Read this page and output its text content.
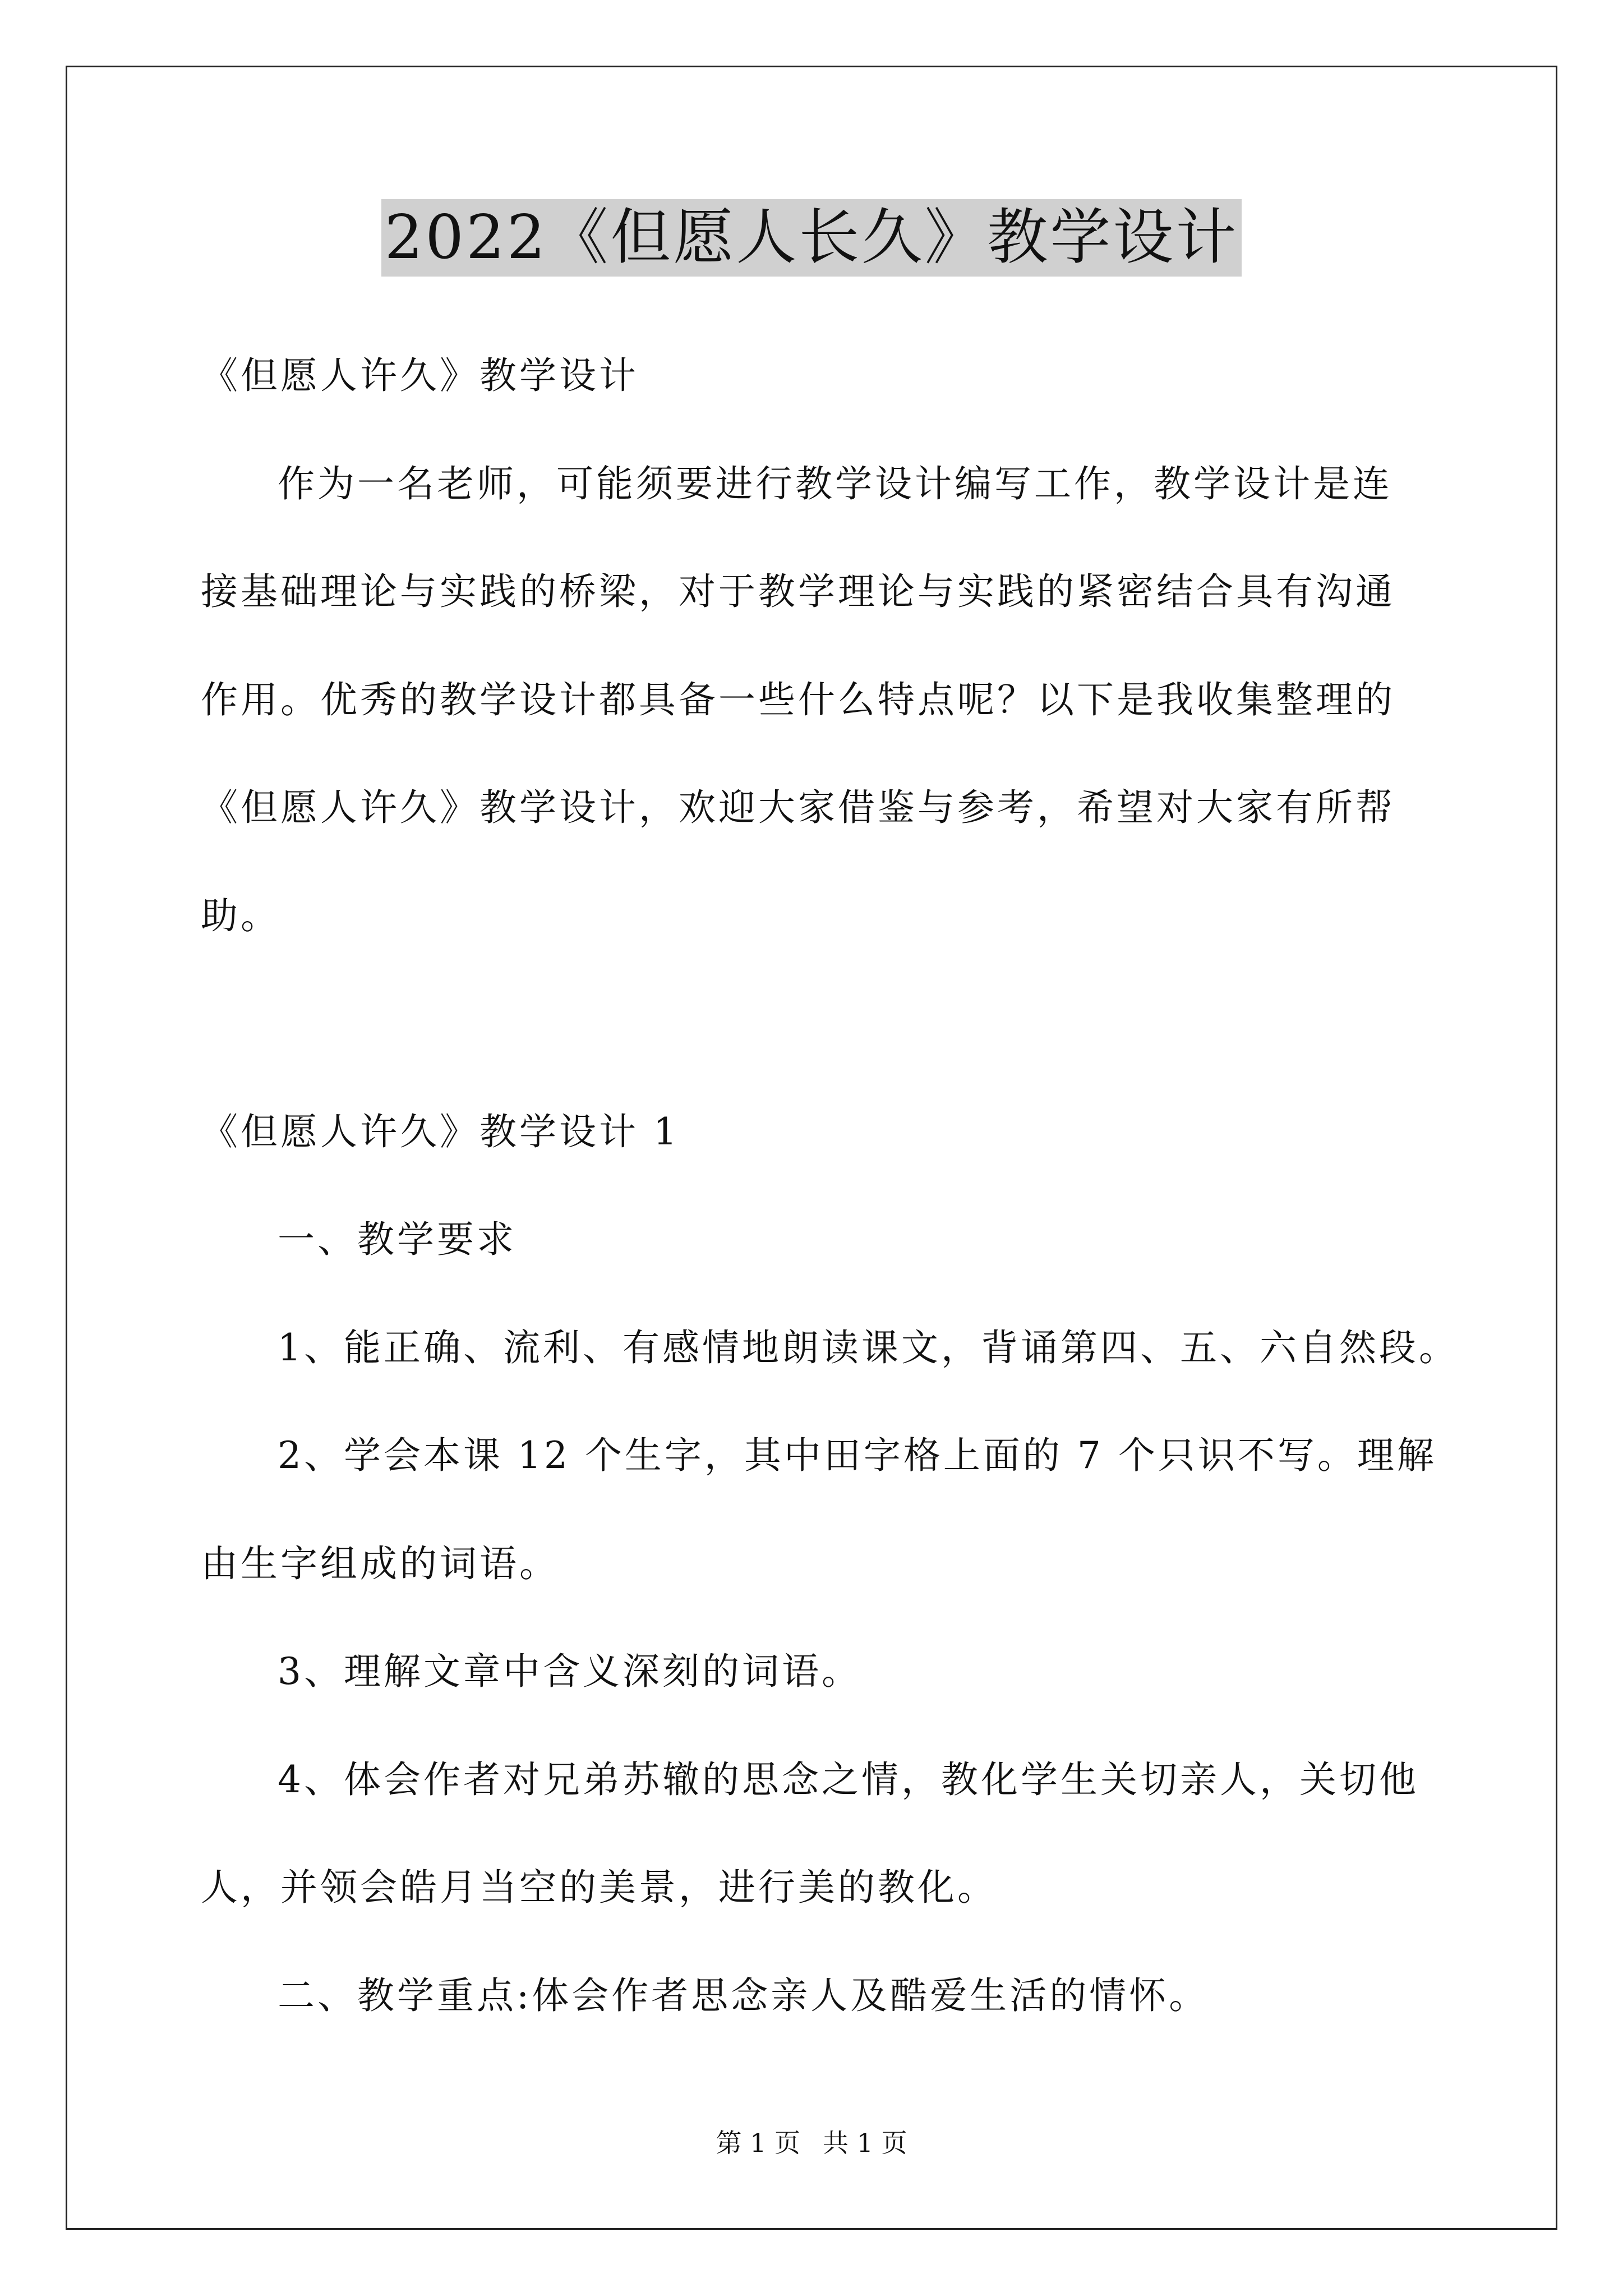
2022《但愿人长久》教学设计
《但愿人许久》教学设计
作为一名老师，可能须要进行教学设计编写工作，教学设计是连
接基础理论与实践的桥梁，对于教学理论与实践的紧密结合具有沟通
作用。优秀的教学设计都具备一些什么特点呢？以下是我收集整理的
《但愿人许久》教学设计，欢迎大家借鉴与参考，希望对大家有所帮
助。
《但愿人许久》教学设计 1
一、教学要求
1、能正确、流利、有感情地朗读课文，背诵第四、五、六自然段。
2、学会本课 12 个生字，其中田字格上面的 7 个只识不写。理解
由生字组成的词语。
3、理解文章中含义深刻的词语。
4、体会作者对兄弟苏辙的思念之情，教化学生关切亲人，关切他
人，并领会皓月当空的美景，进行美的教化。
二、教学重点:体会作者思念亲人及酷爱生活的情怀。
第 1 页 共 1 页
